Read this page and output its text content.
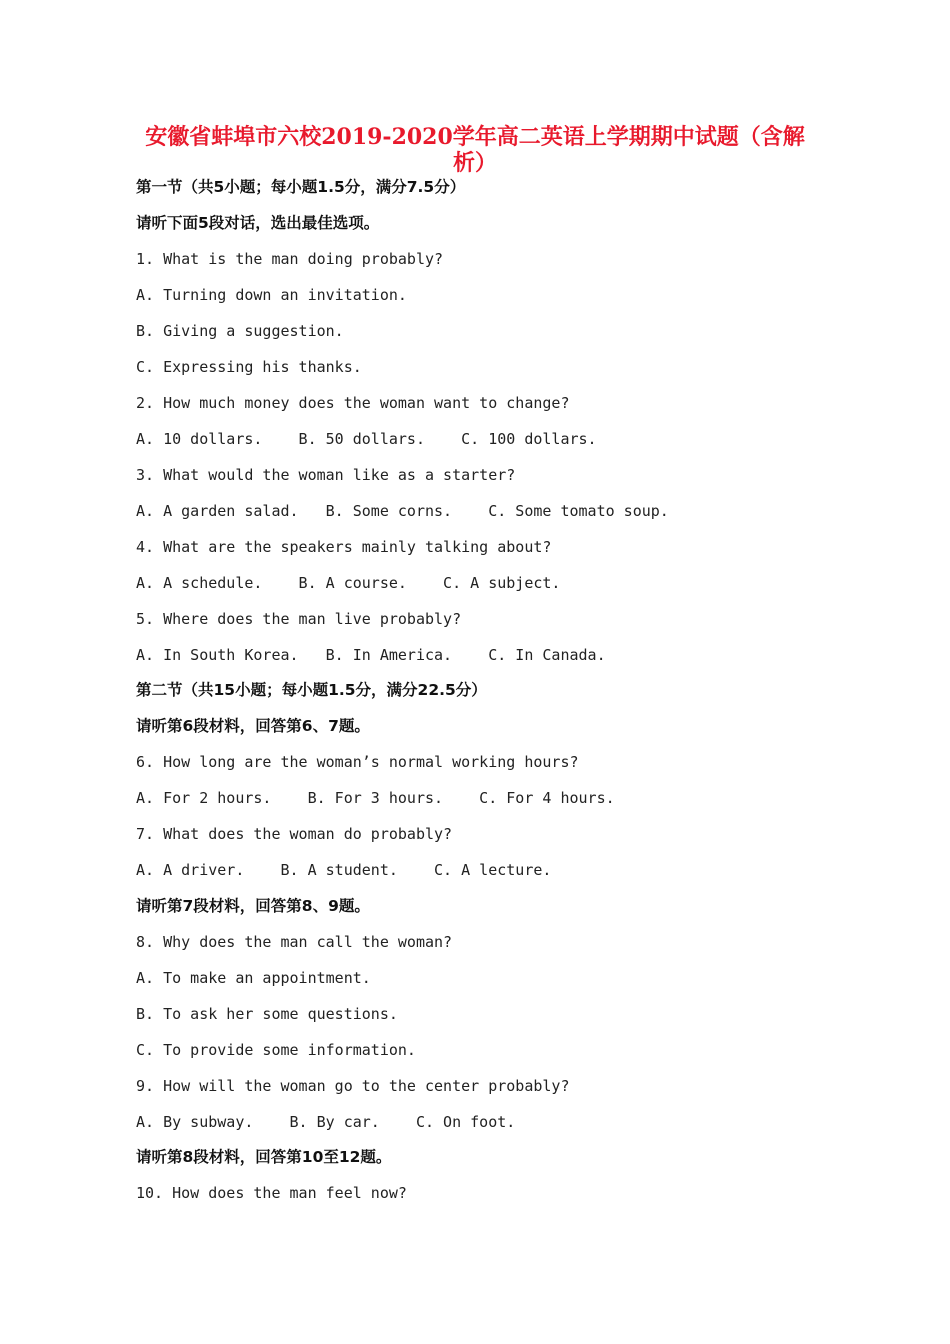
安徽省蚌埠市六校2019-2020学年高二英语上学期期中试题（含解
析）
第一节（共5小题；每小题1.5分，满分7.5分）
请听下面5段对话，选出最佳选项。
1. What is the man doing probably?
A. Turning down an invitation.
B. Giving a suggestion.
C. Expressing his thanks.
2. How much money does the woman want to change?
A. 10 dollars.    B. 50 dollars.    C. 100 dollars.
3. What would the woman like as a starter?
A. A garden salad.   B. Some corns.    C. Some tomato soup.
4. What are the speakers mainly talking about?
A. A schedule.    B. A course.    C. A subject.
5. Where does the man live probably?
A. In South Korea.   B. In America.    C. In Canada.
第二节（共15小题；每小题1.5分，满分22.5分）
请听第6段材料，回答第6、7题。
6. How long are the woman’s normal working hours?
A. For 2 hours.    B. For 3 hours.    C. For 4 hours.
7. What does the woman do probably?
A. A driver.    B. A student.    C. A lecture.
请听第7段材料，回答第8、9题。
8. Why does the man call the woman?
A. To make an appointment.
B. To ask her some questions.
C. To provide some information.
9. How will the woman go to the center probably?
A. By subway.    B. By car.    C. On foot.
请听第8段材料，回答第10至12题。
10. How does the man feel now?
